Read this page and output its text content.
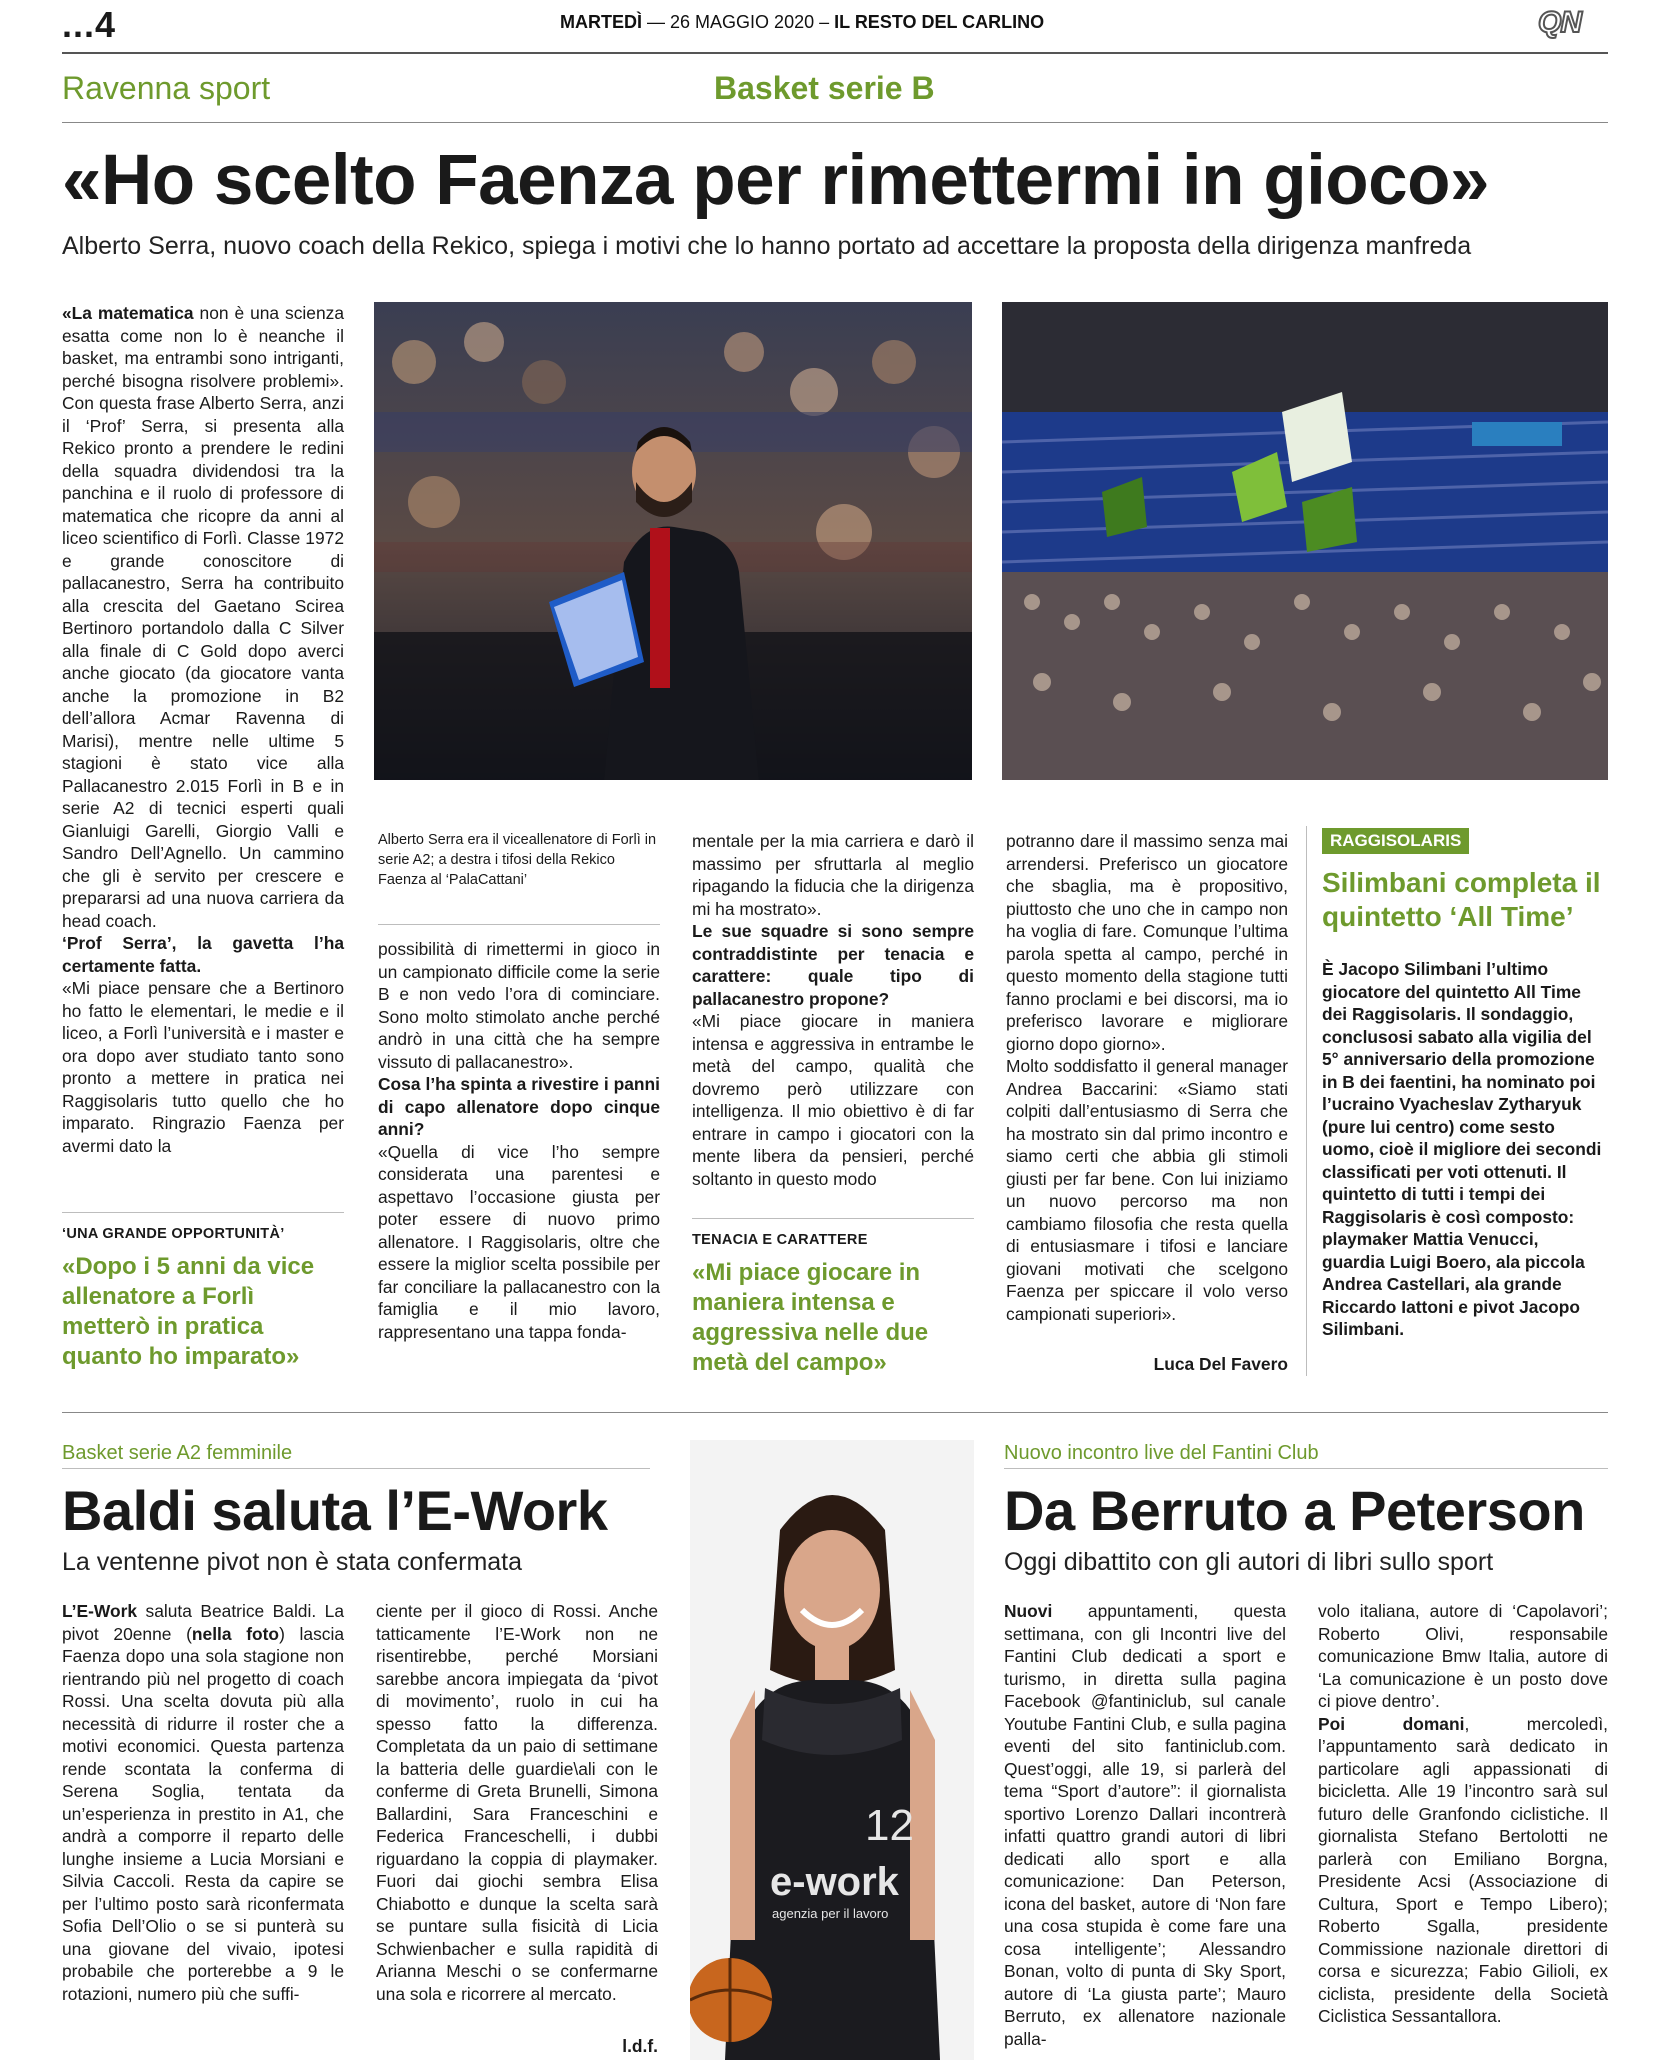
...4	MARTEDÌ — 26 MAGGIO 2020 – IL RESTO DEL CARLINO	QN
Ravenna sport	Basket serie B
«Ho scelto Faenza per rimettermi in gioco»
Alberto Serra, nuovo coach della Rekico, spiega i motivi che lo hanno portato ad accettare la proposta della dirigenza manfreda

«La matematica non è una scienza esatta come non lo è neanche il basket, ma entrambi sono intriganti, perché bisogna risolvere problemi». Con questa frase Alberto Serra, anzi il ‘Prof’ Serra, si presenta alla Rekico pronto a prendere le redini della squadra dividendosi tra la panchina e il ruolo di professore di matematica che ricopre da anni al liceo scientifico di Forlì. Classe 1972 e grande conoscitore di pallacanestro, Serra ha contribuito alla crescita del Gaetano Scirea Bertinoro portandolo dalla C Silver alla finale di C Gold dopo averci anche giocato (da giocatore vanta anche la promozione in B2 dell’allora Acmar Ravenna di Marisi), mentre nelle ultime 5 stagioni è stato vice alla Pallacanestro 2.015 Forlì in B e in serie A2 di tecnici esperti quali Gianluigi Garelli, Giorgio Valli e Sandro Dell’Agnello. Un cammino che gli è servito per crescere e prepararsi ad una nuova carriera da head coach.

‘Prof Serra’, la gavetta l’ha certamente fatta.

«Mi piace pensare che a Bertinoro ho fatto le elementari, le medie e il liceo, a Forlì l’università e i master e ora dopo aver studiato tanto sono pronto a mettere in pratica nei Raggisolaris tutto quello che ho imparato. Ringrazio Faenza per avermi dato la

‘UNA GRANDE OPPORTUNITÀ’
«Dopo i 5 anni da vice allenatore a Forlì metterò in pratica quanto ho imparato»
Alberto Serra era il viceallenatore di Forlì in serie A2; a destra i tifosi della Rekico Faenza al ‘PalaCattani’

possibilità di rimettermi in gioco in un campionato difficile come la serie B e non vedo l’ora di cominciare. Sono molto stimolato anche perché andrò in una città che ha sempre vissuto di pallacanestro».

Cosa l’ha spinta a rivestire i panni di capo allenatore dopo cinque anni?

«Quella di vice l’ho sempre considerata una parentesi e aspettavo l’occasione giusta per poter essere di nuovo primo allenatore. I Raggisolaris, oltre che essere la miglior scelta possibile per far conciliare la pallacanestro con la famiglia e il mio lavoro, rappresentano una tappa fonda-

mentale per la mia carriera e darò il massimo per sfruttarla al meglio ripagando la fiducia che la dirigenza mi ha mostrato».

Le sue squadre si sono sempre contraddistinte per tenacia e carattere: quale tipo di pallacanestro propone?

«Mi piace giocare in maniera intensa e aggressiva in entrambe le metà del campo, qualità che dovremo però utilizzare con intelligenza. Il mio obiettivo è di far entrare in campo i giocatori con la mente libera da pensieri, perché soltanto in questo modo

TENACIA E CARATTERE
«Mi piace giocare in maniera intensa e aggressiva nelle due metà del campo»

potranno dare il massimo senza mai arrendersi. Preferisco un giocatore che sbaglia, ma è propositivo, piuttosto che uno che in campo non ha voglia di fare. Comunque l’ultima parola spetta al campo, perché in questo momento della stagione tutti fanno proclami e bei discorsi, ma io preferisco lavorare e migliorare giorno dopo giorno».

Molto soddisfatto il general manager Andrea Baccarini: «Siamo stati colpiti dall’entusiasmo di Serra che ha mostrato sin dal primo incontro e siamo certi che abbia gli stimoli giusti per far bene. Con lui iniziamo un nuovo percorso ma non cambiamo filosofia che resta quella di entusiasmare i tifosi e lanciare giovani motivati che scelgono Faenza per spiccare il volo verso campionati superiori».

Luca Del Favero
RAGGISOLARIS
Silimbani completa il quintetto ‘All Time’
È Jacopo Silimbani l’ultimo giocatore del quintetto All Time dei Raggisolaris. Il sondaggio, conclusosi sabato alla vigilia del 5° anniversario della promozione in B dei faentini, ha nominato poi l’ucraino Vyacheslav Zytharyuk (pure lui centro) come sesto uomo, cioè il migliore dei secondi classificati per voti ottenuti. Il quintetto di tutti i tempi dei Raggisolaris è così composto: playmaker Mattia Venucci, guardia Luigi Boero, ala piccola Andrea Castellari, ala grande Riccardo Iattoni e pivot Jacopo Silimbani.
Basket serie A2 femminile
Baldi saluta l’E-Work
La ventenne pivot non è stata confermata

L’E-Work saluta Beatrice Baldi. La pivot 20enne (nella foto) lascia Faenza dopo una sola stagione non rientrando più nel progetto di coach Rossi. Una scelta dovuta più alla necessità di ridurre il roster che a motivi economici. Questa partenza rende scontata la conferma di Serena Soglia, tentata da un’esperienza in prestito in A1, che andrà a comporre il reparto delle lunghe insieme a Lucia Morsiani e Silvia Caccoli. Resta da capire se per l’ultimo posto sarà riconfermata Sofia Dell’Olio o se si punterà su una giovane del vivaio, ipotesi probabile che porterebbe a 9 le rotazioni, numero più che suffi-

ciente per il gioco di Rossi. Anche tatticamente l’E-Work non ne risentirebbe, perché Morsiani sarebbe ancora impiegata da ‘pivot di movimento’, ruolo in cui ha spesso fatto la differenza. Completata da un paio di settimane la batteria delle guardie\ali con le conferme di Greta Brunelli, Simona Ballardini, Sara Franceschini e Federica Franceschelli, i dubbi riguardano la coppia di playmaker. Fuori dai giochi sembra Elisa Chiabotto e dunque la scelta sarà se puntare sulla fisicità di Licia Schwienbacher e sulla rapidità di Arianna Meschi o se confermarne una sola e ricorrere al mercato.

l.d.f.
12
e-work
agenzia per il lavoro
Nuovo incontro live del Fantini Club
Da Berruto a Peterson
Oggi dibattito con gli autori di libri sullo sport

Nuovi appuntamenti, questa settimana, con gli Incontri live del Fantini Club dedicati a sport e turismo, in diretta sulla pagina Facebook @fantiniclub, sul canale Youtube Fantini Club, e sulla pagina eventi del sito fantiniclub.com. Quest’oggi, alle 19, si parlerà del tema “Sport d’autore”: il giornalista sportivo Lorenzo Dallari incontrerà infatti quattro grandi autori di libri dedicati allo sport e alla comunicazione: Dan Peterson, icona del basket, autore di ‘Non fare una cosa stupida è come fare una cosa intelligente’; Alessandro Bonan, volto di punta di Sky Sport, autore di ‘La giusta parte’; Mauro Berruto, ex allenatore nazionale palla-

volo italiana, autore di ‘Capolavori’; Roberto Olivi, responsabile comunicazione Bmw Italia, autore di ‘La comunicazione è un posto dove ci piove dentro’.

Poi domani, mercoledì, l’appuntamento sarà dedicato in particolare agli appassionati di bicicletta. Alle 19 l’incontro sarà sul futuro delle Granfondo ciclistiche. Il giornalista Stefano Bertolotti ne parlerà con Emiliano Borgna, Presidente Acsi (Associazione di Cultura, Sport e Tempo Libero); Roberto Sgalla, presidente Commissione nazionale direttori di corsa e sicurezza; Fabio Gilioli, ex ciclista, presidente della Società Ciclistica Sessantallora.
